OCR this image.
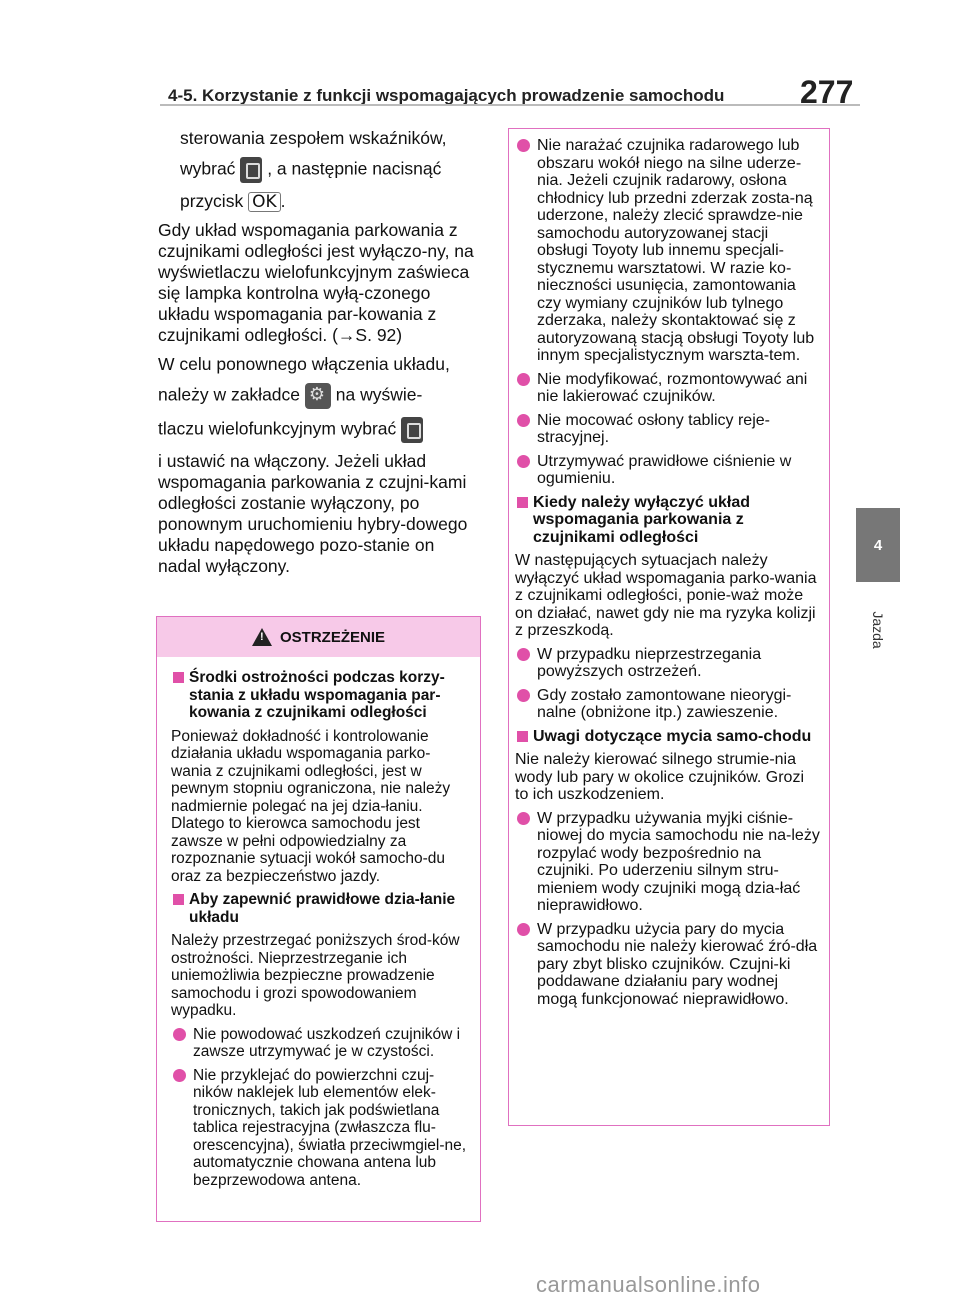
4-5. Korzystanie z funkcji wspomagających prowadzenie samochodu 277
4
Jazda

sterowania zespołem wskaźników,

wybrać , a następnie nacisnąć

przycisk OK .

Gdy układ wspomagania parkowania z czujnikami odległości jest wyłączo-ny, na wyświetlaczu wielofunkcyjnym zaświeca się lampka kontrolna wyłą-czonego układu wspomagania par-kowania z czujnikami odległości. (→S. 92)

W celu ponownego włączenia układu,

należy w zakładce ⚙ na wyświe-

tlaczu wielofunkcyjnym wybrać

i ustawić na włączony. Jeżeli układ wspomagania parkowania z czujni-kami odległości zostanie wyłączony, po ponownym uruchomieniu hybry-dowego układu napędowego pozo-stanie on nadal wyłączony.

!
OSTRZEŻENIE
Środki ostrożności podczas korzy-stania z układu wspomagania par-kowania z czujnikami odległości

Ponieważ dokładność i kontrolowanie działania układu wspomagania parko-wania z czujnikami odległości, jest w pewnym stopniu ograniczona, nie należy nadmiernie polegać na jej dzia-łaniu. Dlatego to kierowca samochodu jest zawsze w pełni odpowiedzialny za rozpoznanie sytuacji wokół samocho-du oraz za bezpieczeństwo jazdy.

Aby zapewnić prawidłowe dzia-łanie układu

Należy przestrzegać poniższych środ-ków ostrożności. Nieprzestrzeganie ich uniemożliwia bezpieczne prowadzenie samochodu i grozi spowodowaniem wypadku.

Nie powodować uszkodzeń czujników i zawsze utrzymywać je w czystości.
Nie przyklejać do powierzchni czuj-ników naklejek lub elementów elek-tronicznych, takich jak podświetlana tablica rejestracyjna (zwłaszcza flu-orescencyjna), światła przeciwmgiel-ne, automatycznie chowana antena lub bezprzewodowa antena.
Nie narażać czujnika radarowego lub obszaru wokół niego na silne uderze-nia. Jeżeli czujnik radarowy, osłona chłodnicy lub przedni zderzak zosta-ną uderzone, należy zlecić sprawdze-nie samochodu autoryzowanej stacji obsługi Toyoty lub innemu specjali-stycznemu warsztatowi. W razie ko-nieczności usunięcia, zamontowania czy wymiany czujników lub tylnego zderzaka, należy skontaktować się z autoryzowaną stacją obsługi Toyoty lub innym specjalistycznym warszta-tem.
Nie modyfikować, rozmontowywać ani nie lakierować czujników.
Nie mocować osłony tablicy reje-stracyjnej.
Utrzymywać prawidłowe ciśnienie w ogumieniu.
Kiedy należy wyłączyć układ wspomagania parkowania z czujnikami odległości

W następujących sytuacjach należy wyłączyć układ wspomagania parko-wania z czujnikami odległości, ponie-waż może on działać, nawet gdy nie ma ryzyka kolizji z przeszkodą.

W przypadku nieprzestrzegania powyższych ostrzeżeń.
Gdy zostało zamontowane nieorygi-nalne (obniżone itp.) zawieszenie.
Uwagi dotyczące mycia samo-chodu

Nie należy kierować silnego strumie-nia wody lub pary w okolice czujników. Grozi to ich uszkodzeniem.

W przypadku używania myjki ciśnie-niowej do mycia samochodu nie na-leży rozpylać wody bezpośrednio na czujniki. Po uderzeniu silnym stru-mieniem wody czujniki mogą dzia-łać nieprawidłowo.
W przypadku użycia pary do mycia samochodu nie należy kierować źró-dła pary zbyt blisko czujników. Czujni-ki poddawane działaniu pary wodnej mogą funkcjonować nieprawidłowo.
carmanualsonline.info
